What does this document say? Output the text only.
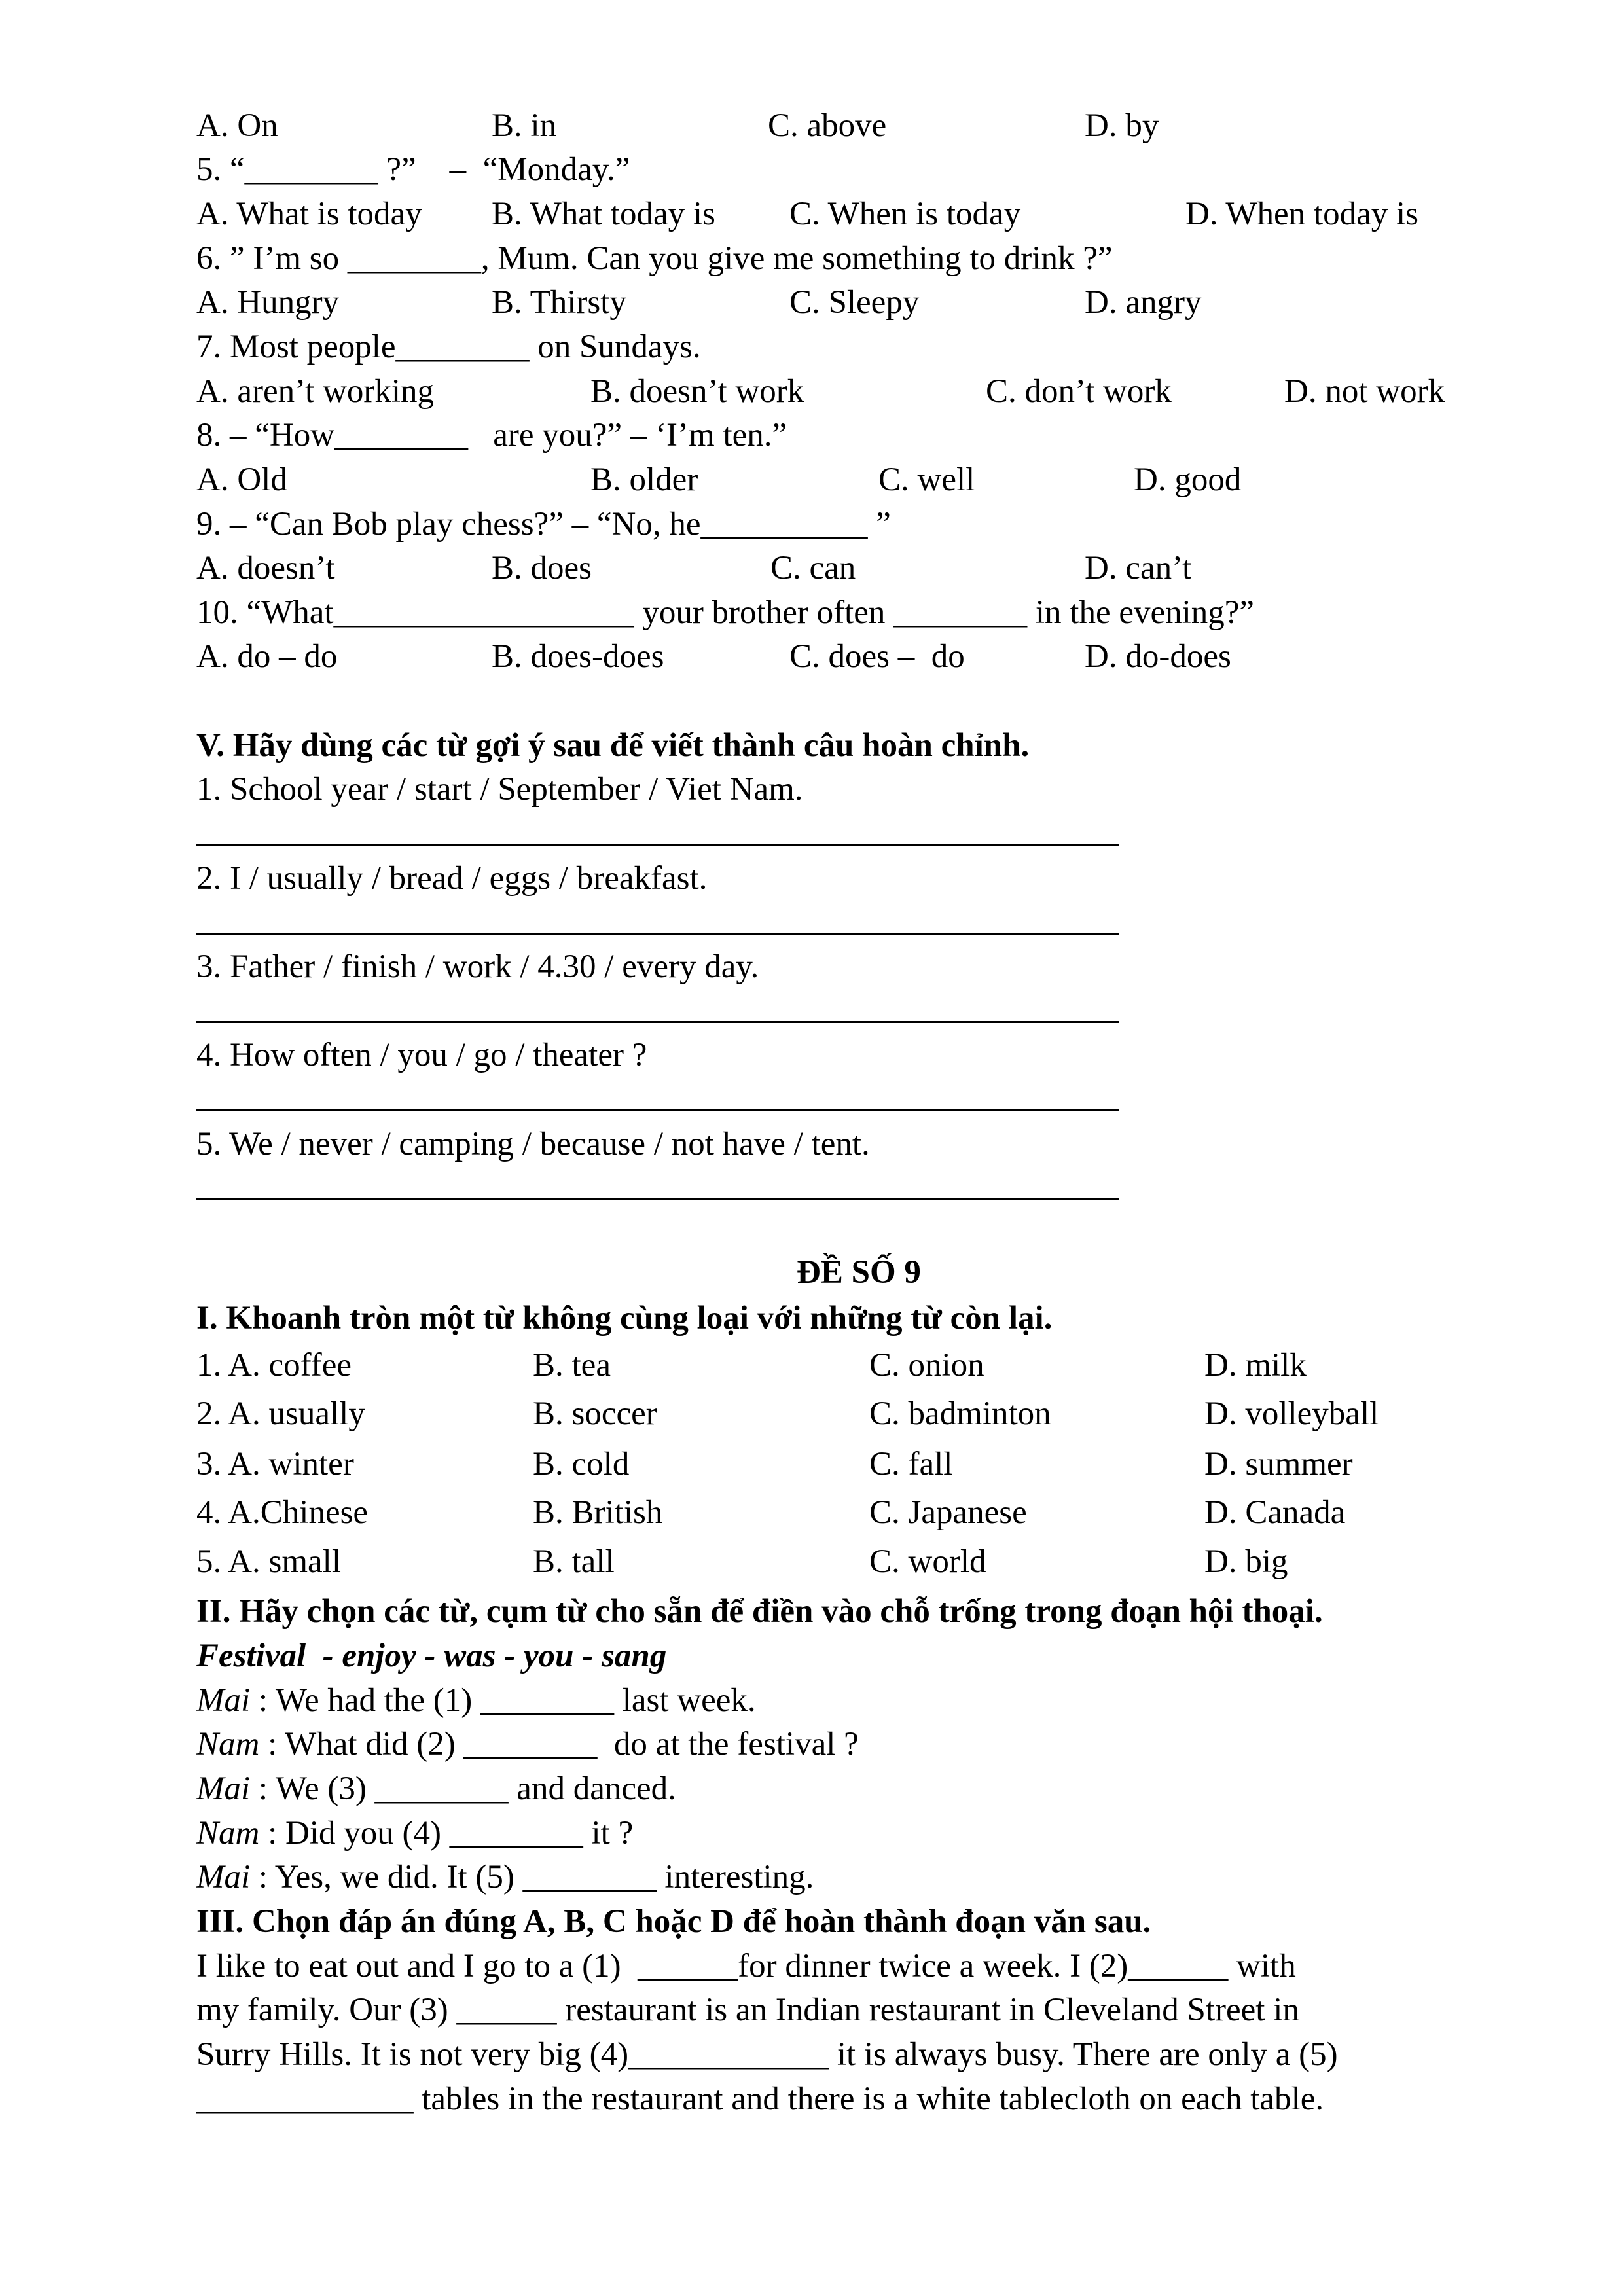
A. On	B. in	C. above	D. by
5. “________ ?”    –  “Monday.”
A. What is today B. What today is C. When is today	D. When today is
6. ” I’m so ________, Mum. Can you give me something to drink ?”
A. Hungry	B. Thirsty	C. Sleepy	D. angry
7. Most people________ on Sundays.
A. aren’t working	B. doesn’t work	C. don’t work	D. not work
8. – “How________   are you?” – ‘I’m ten.”
A. Old	B. older	C. well	D. good
9. – “Can Bob play chess?” – “No, he__________ ”
A. doesn’t	B. does	C. can	D. can’t
10. “What__________________ your brother often ________ in the evening?”
A. do – do	B. does-does	C. does –  do	D. do-does
V. Hãy dùng các từ gợi ý sau để viết thành câu hoàn chỉnh.
1. School year / start / September / Viet Nam.
2. I / usually / bread / eggs / breakfast.
3. Father / finish / work / 4.30 / every day.
4. How often / you / go / theater ?
5. We / never / camping / because / not have / tent.
ĐỀ SỐ 9
I. Khoanh tròn một từ không cùng loại với những từ còn lại.
1. A. coffee	B. tea	C. onion	D. milk
2. A. usually	B. soccer	C. badminton	D. volleyball
3. A. winter	B. cold	C. fall	D. summer
4. A.Chinese	B. British	C. Japanese	D. Canada
5. A. small	B. tall	C. world	D. big
II. Hãy chọn các từ, cụm từ cho sẵn để điền vào chỗ trống trong đoạn hội thoại.
Festival  - enjoy - was - you - sang
Mai : We had the (1) ________ last week.
Nam : What did (2) ________  do at the festival ?
Mai : We (3) ________ and danced.
Nam : Did you (4) ________ it ?
Mai : Yes, we did. It (5) ________ interesting.
III. Chọn đáp án đúng A, B, C hoặc D để hoàn thành đoạn văn sau.
I like to eat out and I go to a (1)  ______for dinner twice a week. I (2)______ with
my family. Our (3) ______ restaurant is an Indian restaurant in Cleveland Street in
Surry Hills. It is not very big (4)____________ it is always busy. There are only a (5)
_____________ tables in the restaurant and there is a white tablecloth on each table.
